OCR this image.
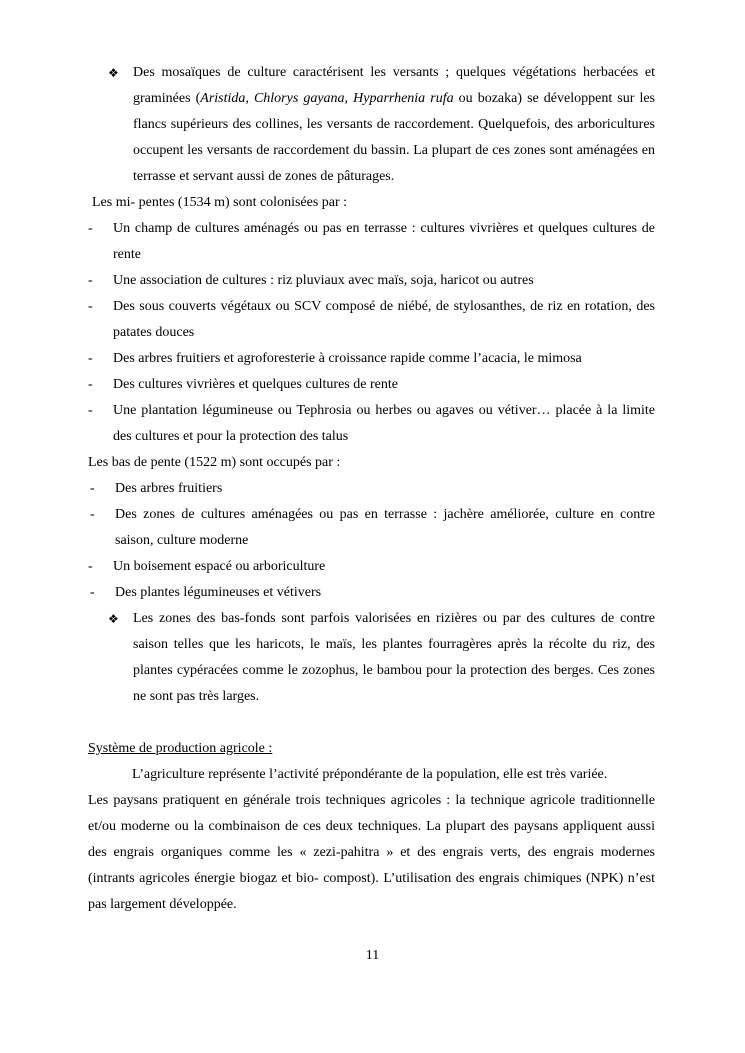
❖ Des mosaïques de culture caractérisent les versants ; quelques végétations herbacées et graminées (Aristida, Chlorys gayana, Hyparrhenia rufa ou bozaka) se développent sur les flancs supérieurs des collines, les versants de raccordement. Quelquefois, des arboricultures occupent les versants de raccordement du bassin. La plupart de ces zones sont aménagées en terrasse et servant aussi de zones de pâturages.

Les mi- pentes (1534 m) sont colonisées par :

- Un champ de cultures aménagés ou pas en terrasse : cultures vivrières et quelques cultures de rente
- Une association de cultures : riz pluviaux avec maïs, soja, haricot ou autres
- Des sous couverts végétaux ou SCV composé de niébé, de stylosanthes, de riz en rotation, des patates douces
- Des arbres fruitiers et agroforesterie à croissance rapide comme l’acacia, le mimosa
- Des cultures vivrières et quelques cultures de rente
- Une plantation légumineuse ou Tephrosia ou herbes ou agaves ou vétiver… placée à la limite des cultures et pour la protection des talus

Les bas de pente (1522 m) sont occupés par :

- Des arbres fruitiers
- Des zones de cultures aménagées ou pas en terrasse : jachère améliorée, culture en contre saison, culture moderne
- Un boisement espacé ou arboriculture
- Des plantes légumineuses et vétivers
❖ Les zones des bas-fonds sont parfois valorisées en rizières ou par des cultures de contre saison telles que les haricots, le maïs, les plantes fourragères après la récolte du riz, des plantes cypéracées comme le zozophus, le bambou pour la protection des berges. Ces zones ne sont pas très larges.

Système de production agricole :

L’agriculture représente l’activité prépondérante de la population, elle est très variée.

Les paysans pratiquent en générale trois techniques agricoles : la technique agricole traditionnelle et/ou moderne ou la combinaison de ces deux techniques. La plupart des paysans appliquent aussi des engrais organiques comme les « zezi-pahitra » et des engrais verts, des engrais modernes (intrants agricoles énergie biogaz et bio- compost). L’utilisation des engrais chimiques (NPK) n’est pas largement développée.

11
